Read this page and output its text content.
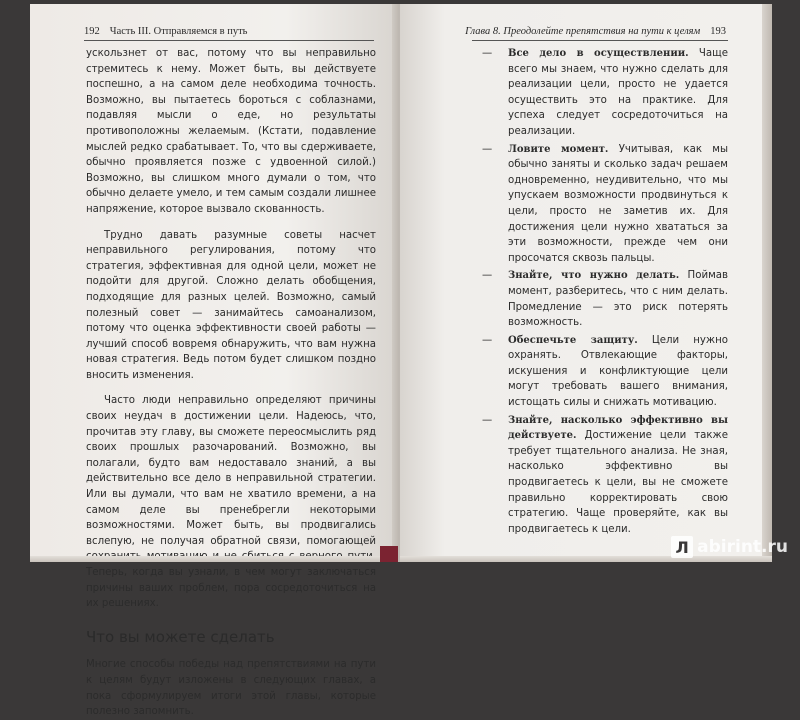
192 Часть III. Отправляемся в путь

ускользнет от вас, потому что вы неправильно стремитесь к нему. Может быть, вы действуете поспешно, а на самом деле необходима точность. Возможно, вы пытаетесь бороться с соблазнами, подавляя мысли о еде, но результаты противоположны желаемым. (Кстати, подавление мыслей редко срабатывает. То, что вы сдерживаете, обычно проявляется позже с удвоенной силой.) Возможно, вы слишком много думали о том, что обычно делаете умело, и тем самым создали лишнее напряжение, которое вызвало скованность.

Трудно давать разумные советы насчет неправильного регулирования, потому что стратегия, эффективная для одной цели, может не подойти для другой. Сложно делать обобщения, подходящие для разных целей. Возможно, самый полезный совет — занимайтесь самоанализом, потому что оценка эффективности своей работы — лучший способ вовремя обнаружить, что вам нужна новая стратегия. Ведь потом будет слишком поздно вносить изменения.

Часто люди неправильно определяют причины своих неудач в достижении цели. Надеюсь, что, прочитав эту главу, вы сможете переосмыслить ряд своих прошлых разочарований. Возможно, вы полагали, будто вам недоставало знаний, а вы действительно все дело в неправильной стратегии. Или вы думали, что вам не хватило времени, а на самом деле вы пренебрегли некоторыми возможностями. Может быть, вы продвигались вслепую, не получая обратной связи, помогающей Теперь, когда вы узнали, в чем могут заключаться причины ваших проблем, пора сосредоточиться на их решениях.

Что вы можете сделать

Многие способы победы над препятствиями на пути к целям будут изложены в следующих главах, а пока сформулируем итоги этой главы, которые полезно запомнить.

Глава 8. Преодолейте препятствия на пути к целям 193
— Все дело в осуществлении. Чаще всего мы знаем, что нужно сделать для реализации цели, просто не удается осуществить это на практике. Для успеха следует сосредоточиться на реализации.
— Ловите момент. Учитывая, как мы обычно заняты и сколько задач решаем одновременно, неудивительно, что мы упускаем возможности продвинуться к цели, просто не заметив их. Для достижения цели нужно хвататься за эти возможности, прежде чем они просочатся сквозь пальцы.
— Знайте, что нужно делать. Поймав момент, разберитесь, что с ним делать. Промедление — это риск потерять возможность.
— Обеспечьте защиту. Цели нужно охранять. Отвлекающие факторы, искушения и конфликтующие цели могут требовать вашего внимания, истощать силы и снижать мотивацию.
— Знайте, насколько эффективно вы действуете. Достижение цели также требует тщательного анализа. Не зная, насколько эффективно вы продвигаетесь к цели, вы не сможете правильно корректировать свою стратегию. Чаще проверяйте, как вы продвигаетесь к цели.
Л abirint.ru
